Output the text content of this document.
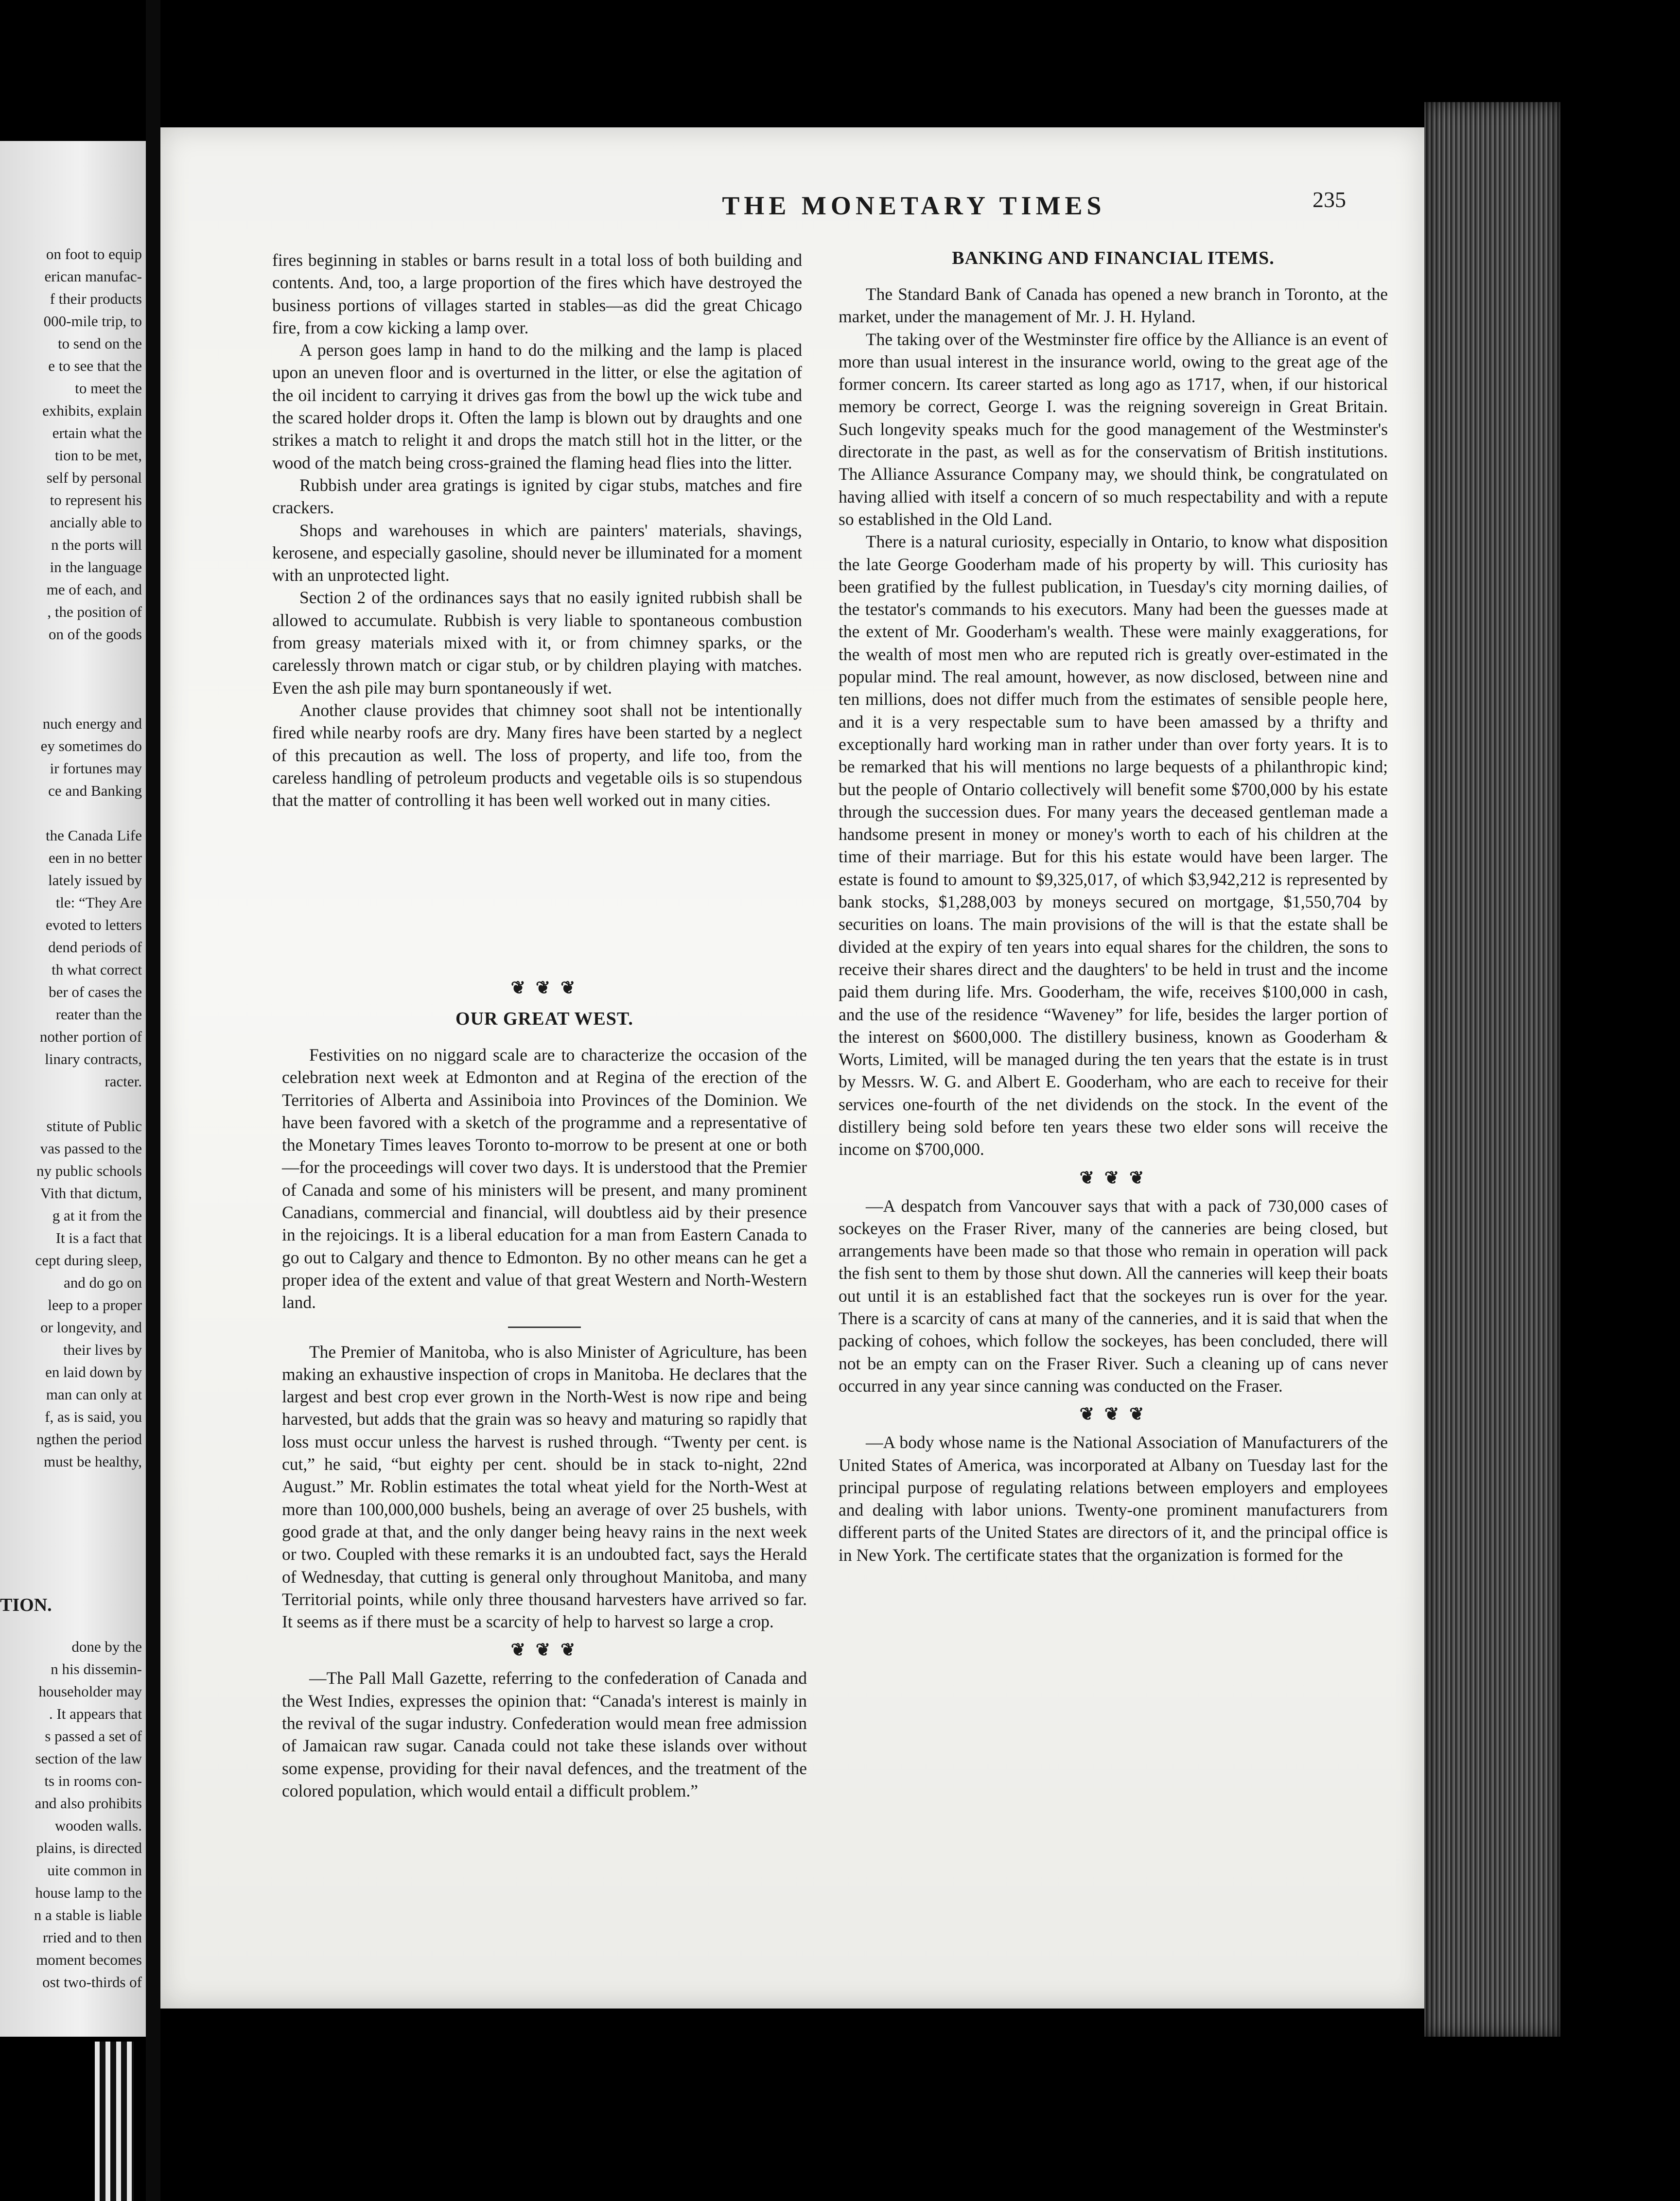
on foot to equip
erican manufac-
f their products
000-mile trip, to
to send on the
e to see that the
to meet the
exhibits, explain
ertain what the
tion to be met,
self by personal
to represent his
ancially able to
n the ports will
in the language
me of each, and
, the position of
on of the goods
nuch energy and
ey sometimes do
ir fortunes may
ce and Banking
the Canada Life
een in no better
lately issued by
tle: “They Are
evoted to letters
dend periods of
th what correct
ber of cases the
reater than the
nother portion of
linary contracts,
racter.
stitute of Public
vas passed to the
ny public schools
Vith that dictum,
g at it from the
It is a fact that
cept during sleep,
and do go on
leep to a proper
or longevity, and
their lives by
en laid down by
man can only at
f, as is said, you
ngthen the period
must be healthy,
TION.
done by the
n his dissemin-
householder may
. It appears that
s passed a set of
section of the law
ts in rooms con-
and also prohibits
wooden walls.
plains, is directed
uite common in
house lamp to the
n a stable is liable
rried and to then
moment becomes
ost two-thirds of
THE MONETARY TIMES	235

fires beginning in stables or barns result in a total loss of both building and contents. And, too, a large proportion of the fires which have destroyed the business portions of villages started in stables—as did the great Chicago fire, from a cow kicking a lamp over.

A person goes lamp in hand to do the milking and the lamp is placed upon an uneven floor and is overturned in the litter, or else the agitation of the oil incident to carrying it drives gas from the bowl up the wick tube and the scared holder drops it. Often the lamp is blown out by draughts and one strikes a match to relight it and drops the match still hot in the litter, or the wood of the match being cross-grained the flaming head flies into the litter.

Rubbish under area gratings is ignited by cigar stubs, matches and fire crackers.

Shops and warehouses in which are painters' materials, shavings, kerosene, and especially gasoline, should never be illuminated for a moment with an unprotected light.

Section 2 of the ordinances says that no easily ignited rubbish shall be allowed to accumulate. Rubbish is very liable to spontaneous combustion from greasy materials mixed with it, or from chimney sparks, or the carelessly thrown match or cigar stub, or by children playing with matches. Even the ash pile may burn spontaneously if wet.

Another clause provides that chimney soot shall not be intentionally fired while nearby roofs are dry. Many fires have been started by a neglect of this precaution as well. The loss of property, and life too, from the careless handling of petroleum products and vegetable oils is so stupendous that the matter of controlling it has been well worked out in many cities.

❦ ❦ ❦
OUR GREAT WEST.

Festivities on no niggard scale are to characterize the occasion of the celebration next week at Edmonton and at Regina of the erection of the Territories of Alberta and Assiniboia into Provinces of the Dominion. We have been favored with a sketch of the programme and a representative of the Monetary Times leaves Toronto to-morrow to be present at one or both—for the proceedings will cover two days. It is understood that the Premier of Canada and some of his ministers will be present, and many prominent Canadians, commercial and financial, will doubtless aid by their presence in the rejoicings. It is a liberal education for a man from Eastern Canada to go out to Calgary and thence to Edmonton. By no other means can he get a proper idea of the extent and value of that great Western and North-Western land.

The Premier of Manitoba, who is also Minister of Agriculture, has been making an exhaustive inspection of crops in Manitoba. He declares that the largest and best crop ever grown in the North-West is now ripe and being harvested, but adds that the grain was so heavy and maturing so rapidly that loss must occur unless the harvest is rushed through. “Twenty per cent. is cut,” he said, “but eighty per cent. should be in stack to-night, 22nd August.” Mr. Roblin estimates the total wheat yield for the North-West at more than 100,000,000 bushels, being an average of over 25 bushels, with good grade at that, and the only danger being heavy rains in the next week or two. Coupled with these remarks it is an undoubted fact, says the Herald of Wednesday, that cutting is general only throughout Manitoba, and many Territorial points, while only three thousand harvesters have arrived so far. It seems as if there must be a scarcity of help to harvest so large a crop.

❦ ❦ ❦

—The Pall Mall Gazette, referring to the confederation of Canada and the West Indies, expresses the opinion that: “Canada's interest is mainly in the revival of the sugar industry. Confederation would mean free admission of Jamaican raw sugar. Canada could not take these islands over without some expense, providing for their naval defences, and the treatment of the colored population, which would entail a difficult problem.”

BANKING AND FINANCIAL ITEMS.

The Standard Bank of Canada has opened a new branch in Toronto, at the market, under the management of Mr. J. H. Hyland.

The taking over of the Westminster fire office by the Alliance is an event of more than usual interest in the insurance world, owing to the great age of the former concern. Its career started as long ago as 1717, when, if our historical memory be correct, George I. was the reigning sovereign in Great Britain. Such longevity speaks much for the good management of the Westminster's directorate in the past, as well as for the conservatism of British institutions. The Alliance Assurance Company may, we should think, be congratulated on having allied with itself a concern of so much respectability and with a repute so established in the Old Land.

There is a natural curiosity, especially in Ontario, to know what disposition the late George Gooderham made of his property by will. This curiosity has been gratified by the fullest publication, in Tuesday's city morning dailies, of the testator's commands to his executors. Many had been the guesses made at the extent of Mr. Gooderham's wealth. These were mainly exaggerations, for the wealth of most men who are reputed rich is greatly over-estimated in the popular mind. The real amount, however, as now disclosed, between nine and ten millions, does not differ much from the estimates of sensible people here, and it is a very respectable sum to have been amassed by a thrifty and exceptionally hard working man in rather under than over forty years. It is to be remarked that his will mentions no large bequests of a philanthropic kind; but the people of Ontario collectively will benefit some $700,000 by his estate through the succession dues. For many years the deceased gentleman made a handsome present in money or money's worth to each of his children at the time of their marriage. But for this his estate would have been larger. The estate is found to amount to $9,325,017, of which $3,942,212 is represented by bank stocks, $1,288,003 by moneys secured on mortgage, $1,550,704 by securities on loans. The main provisions of the will is that the estate shall be divided at the expiry of ten years into equal shares for the children, the sons to receive their shares direct and the daughters' to be held in trust and the income paid them during life. Mrs. Gooderham, the wife, receives $100,000 in cash, and the use of the residence “Waveney” for life, besides the larger portion of the interest on $600,000. The distillery business, known as Gooderham & Worts, Limited, will be managed during the ten years that the estate is in trust by Messrs. W. G. and Albert E. Gooderham, who are each to receive for their services one-fourth of the net dividends on the stock. In the event of the distillery being sold before ten years these two elder sons will receive the income on $700,000.

❦ ❦ ❦

—A despatch from Vancouver says that with a pack of 730,000 cases of sockeyes on the Fraser River, many of the canneries are being closed, but arrangements have been made so that those who remain in operation will pack the fish sent to them by those shut down. All the canneries will keep their boats out until it is an established fact that the sockeyes run is over for the year. There is a scarcity of cans at many of the canneries, and it is said that when the packing of cohoes, which follow the sockeyes, has been concluded, there will not be an empty can on the Fraser River. Such a cleaning up of cans never occurred in any year since canning was conducted on the Fraser.

❦ ❦ ❦

—A body whose name is the National Association of Manufacturers of the United States of America, was incorporated at Albany on Tuesday last for the principal purpose of regulating relations between employers and employees and dealing with labor unions. Twenty-one prominent manufacturers from different parts of the United States are directors of it, and the principal office is in New York. The certificate states that the organization is formed for the
